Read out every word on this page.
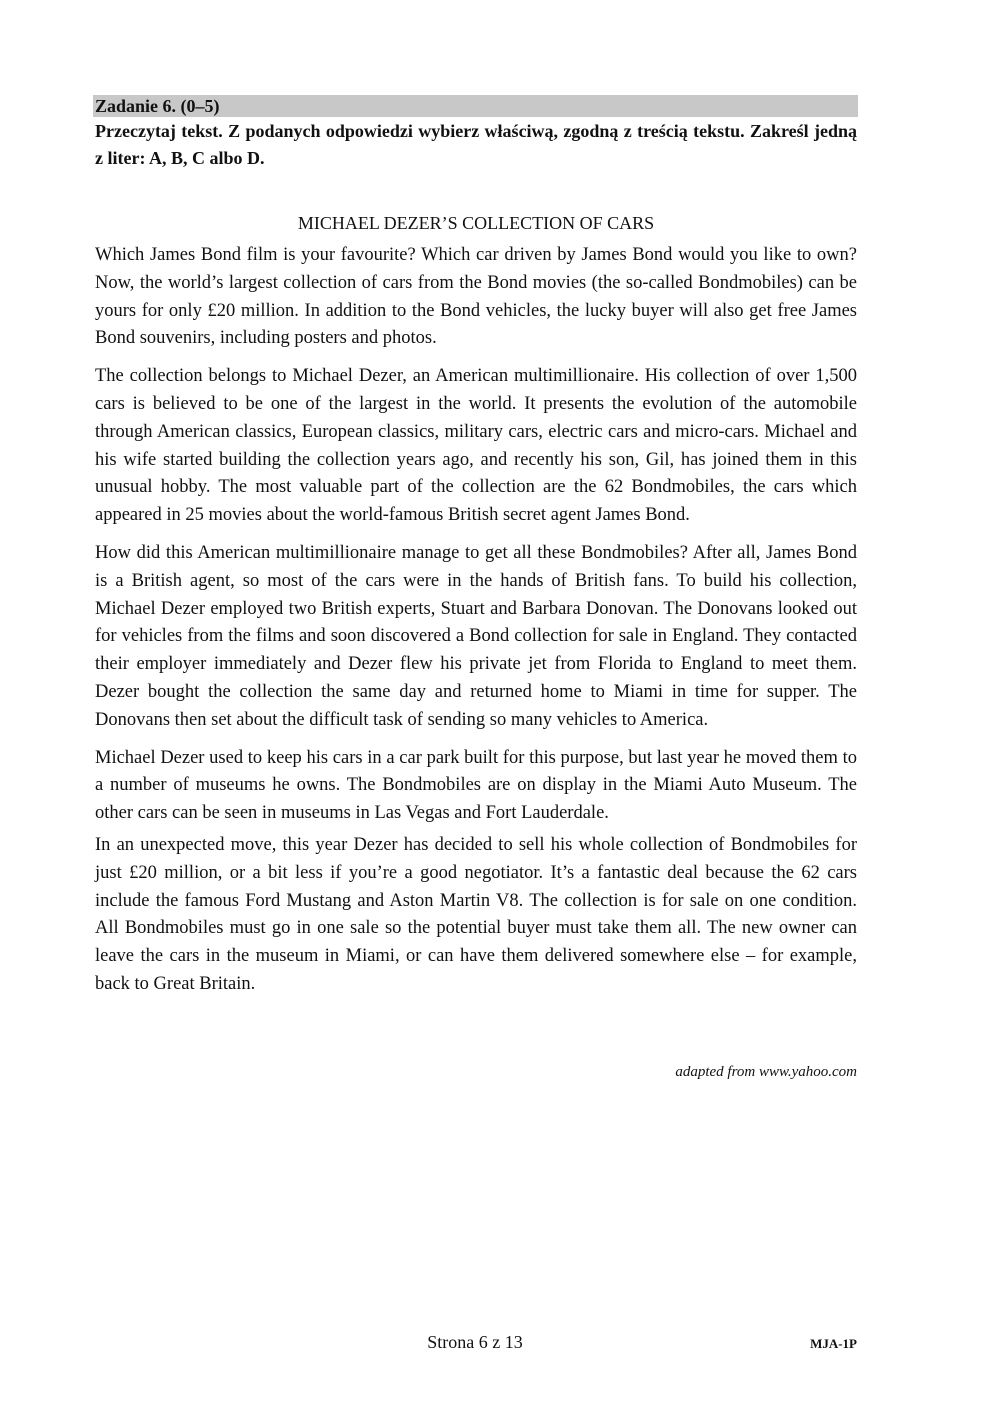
Zadanie 6. (0–5)
Przeczytaj tekst. Z podanych odpowiedzi wybierz właściwą, zgodną z treścią tekstu. Zakreśl jedną z liter: A, B, C albo D.
MICHAEL DEZER’S COLLECTION OF CARS

Which James Bond film is your favourite? Which car driven by James Bond would you like to own? Now, the world’s largest collection of cars from the Bond movies (the so-called Bondmobiles) can be yours for only £20 million. In addition to the Bond vehicles, the lucky buyer will also get free James Bond souvenirs, including posters and photos.

The collection belongs to Michael Dezer, an American multimillionaire. His collection of over 1,500 cars is believed to be one of the largest in the world. It presents the evolution of the automobile through American classics, European classics, military cars, electric cars and micro-cars. Michael and his wife started building the collection years ago, and recently his son, Gil, has joined them in this unusual hobby. The most valuable part of the collection are the 62 Bondmobiles, the cars which appeared in 25 movies about the world-famous British secret agent James Bond.

How did this American multimillionaire manage to get all these Bondmobiles? After all, James Bond is a British agent, so most of the cars were in the hands of British fans. To build his collection, Michael Dezer employed two British experts, Stuart and Barbara Donovan. The Donovans looked out for vehicles from the films and soon discovered a Bond collection for sale in England. They contacted their employer immediately and Dezer flew his private jet from Florida to England to meet them. Dezer bought the collection the same day and returned home to Miami in time for supper. The Donovans then set about the difficult task of sending so many vehicles to America.

Michael Dezer used to keep his cars in a car park built for this purpose, but last year he moved them to a number of museums he owns. The Bondmobiles are on display in the Miami Auto Museum. The other cars can be seen in museums in Las Vegas and Fort Lauderdale.

In an unexpected move, this year Dezer has decided to sell his whole collection of Bondmobiles for just £20 million, or a bit less if you’re a good negotiator. It’s a fantastic deal because the 62 cars include the famous Ford Mustang and Aston Martin V8. The collection is for sale on one condition. All Bondmobiles must go in one sale so the potential buyer must take them all. The new owner can leave the cars in the museum in Miami, or can have them delivered somewhere else – for example, back to Great Britain.

adapted from www.yahoo.com
Strona 6 z 13	MJA-1P
